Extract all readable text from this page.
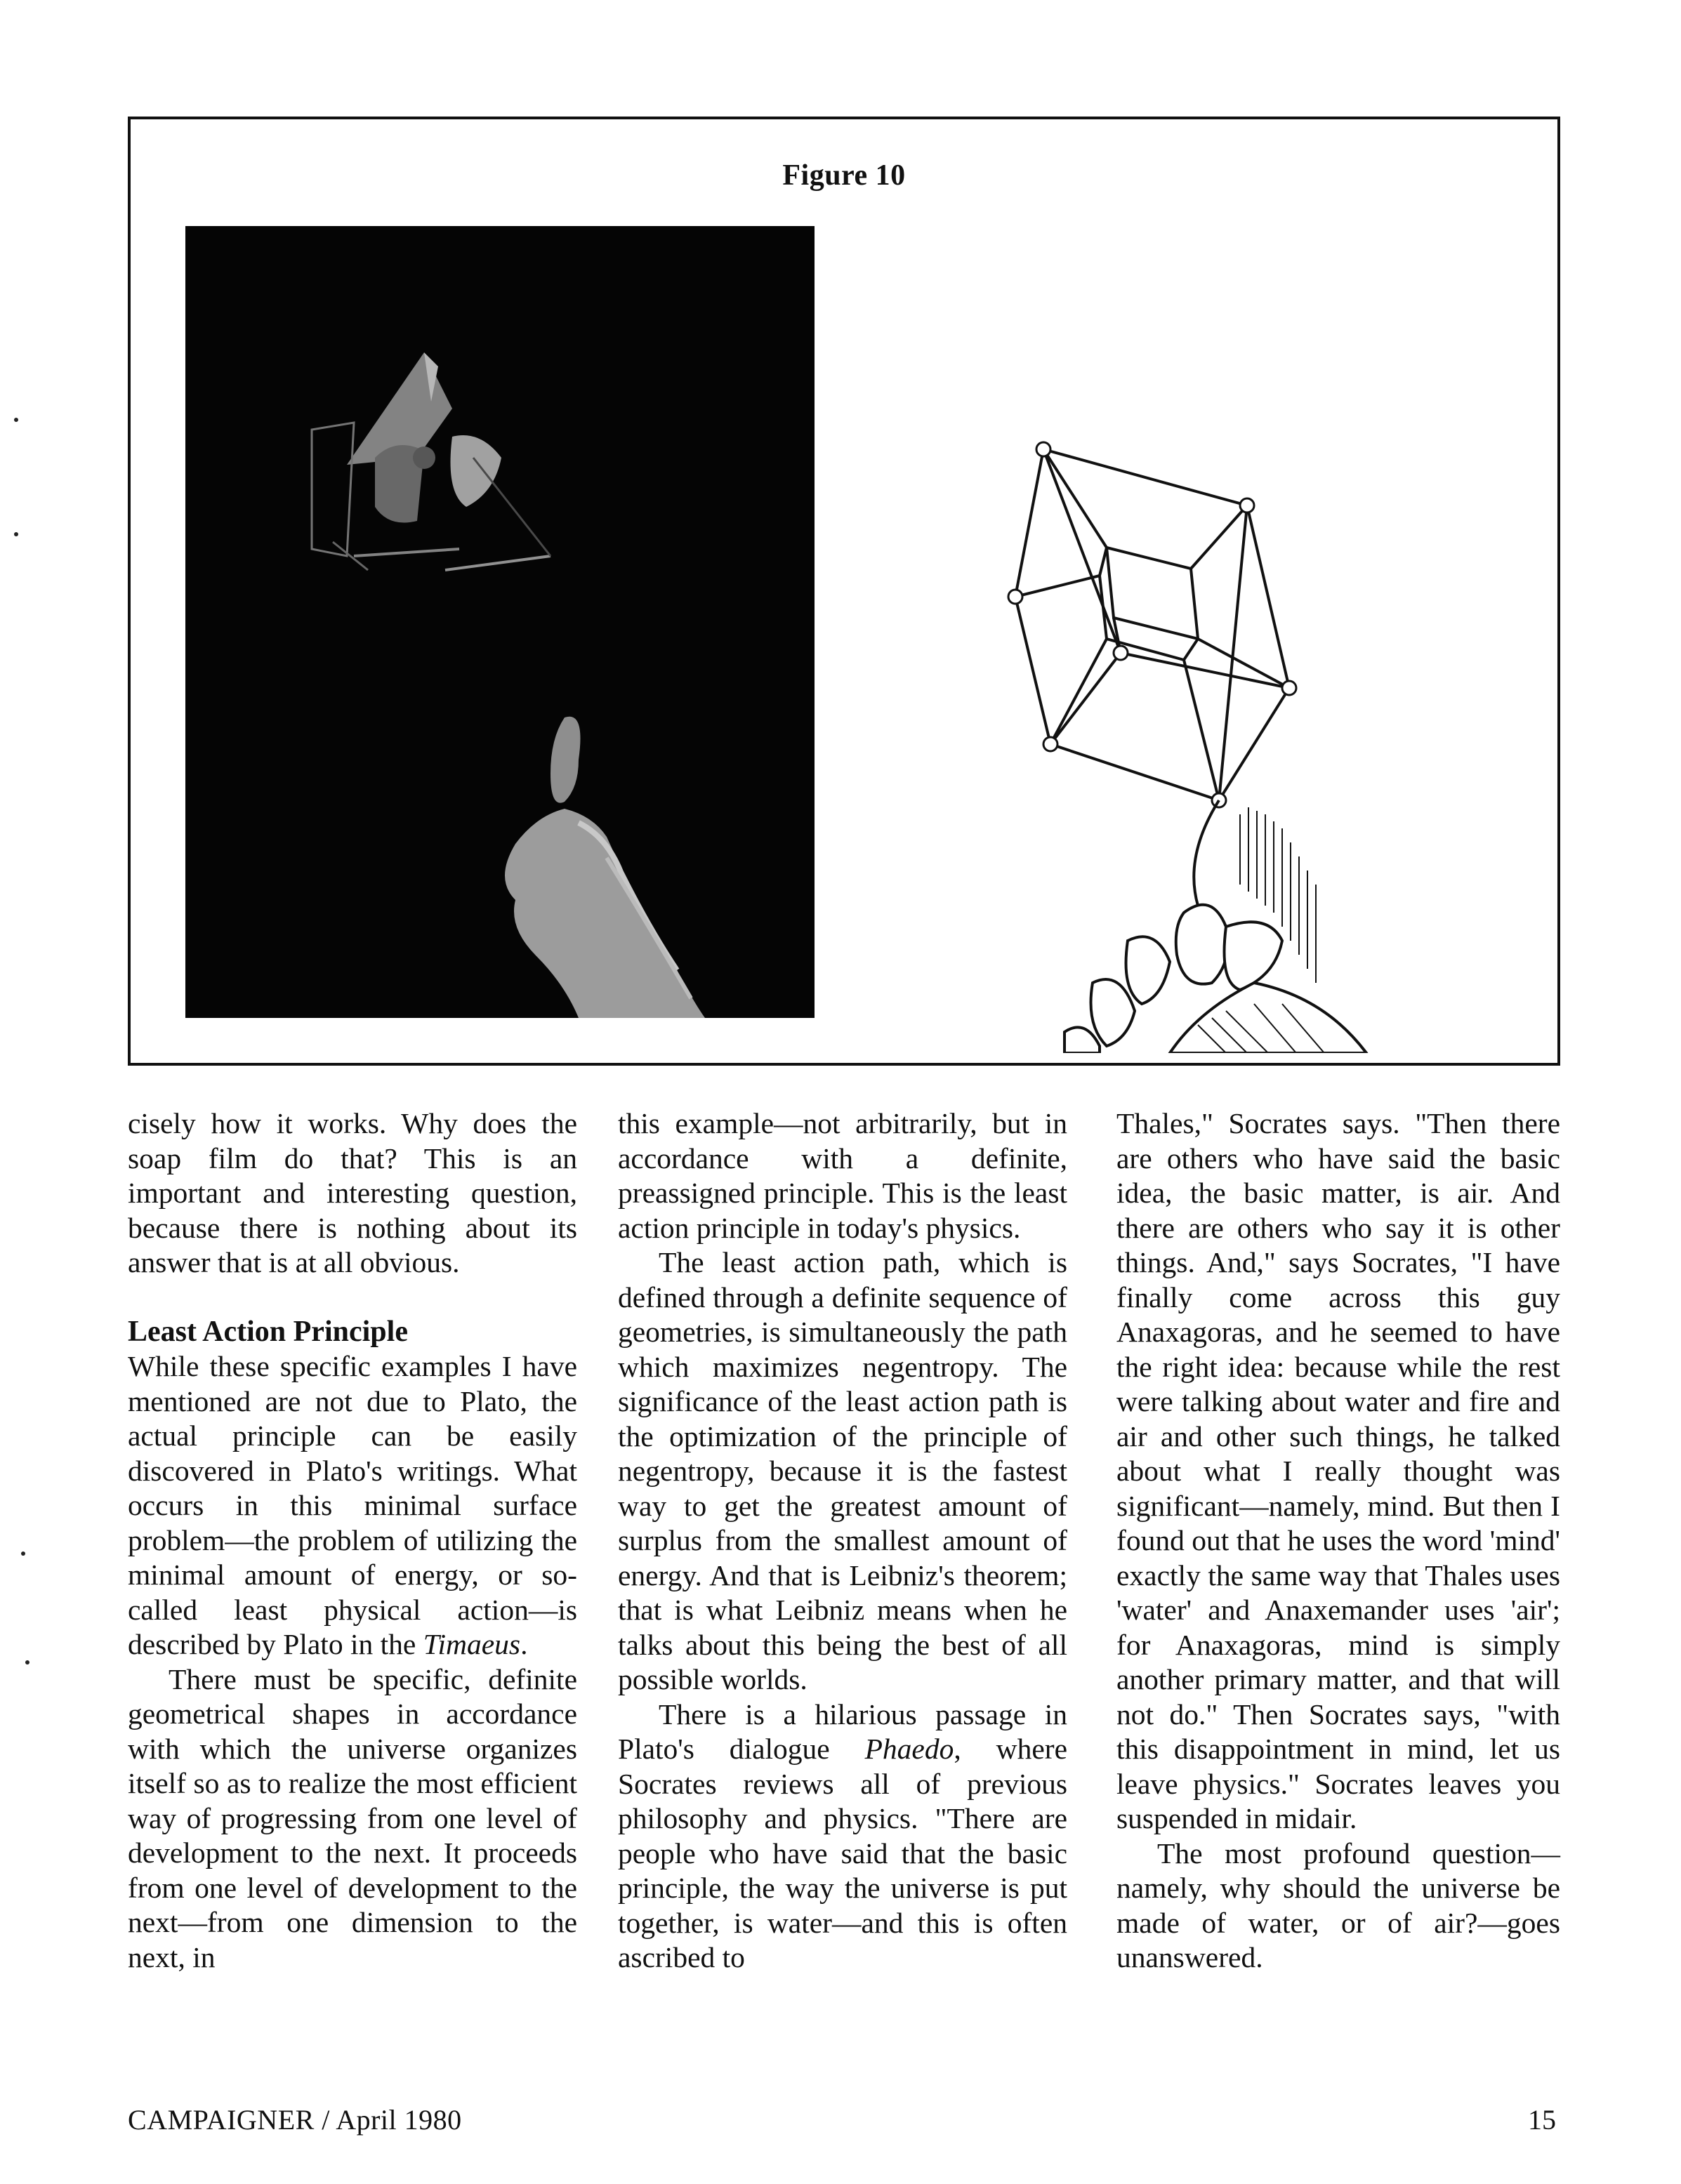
Figure 10

cisely how it works. Why does the soap film do that? This is an important and interesting question, because there is nothing about its answer that is at all obvious.

Least Action Principle

While these specific examples I have mentioned are not due to Plato, the actual principle can be easily discovered in Plato's writings. What occurs in this minimal surface problem—the problem of utilizing the minimal amount of energy, or so-called least physical action—is described by Plato in the Timaeus.

There must be specific, definite geometrical shapes in accordance with which the universe organizes itself so as to realize the most efficient way of progressing from one level of development to the next. It proceeds from one level of development to the next—from one dimension to the next, in

this example—not arbitrarily, but in accordance with a definite, preassigned principle. This is the least action principle in today's physics.

The least action path, which is defined through a definite sequence of geometries, is simultaneously the path which maximizes negentropy. The significance of the least action path is the optimization of the principle of negentropy, because it is the fastest way to get the greatest amount of surplus from the smallest amount of energy. And that is Leibniz's theorem; that is what Leibniz means when he talks about this being the best of all possible worlds.

There is a hilarious passage in Plato's dialogue Phaedo, where Socrates reviews all of previous philosophy and physics. "There are people who have said that the basic principle, the way the universe is put together, is water—and this is often ascribed to

Thales," Socrates says. "Then there are others who have said the basic idea, the basic matter, is air. And there are others who say it is other things. And," says Socrates, "I have finally come across this guy Anaxagoras, and he seemed to have the right idea: because while the rest were talking about water and fire and air and other such things, he talked about what I really thought was significant—namely, mind. But then I found out that he uses the word 'mind' exactly the same way that Thales uses 'water' and Anaxemander uses 'air'; for Anaxagoras, mind is simply another primary matter, and that will not do." Then Socrates says, "with this disappointment in mind, let us leave physics." Socrates leaves you suspended in midair.

The most profound question—namely, why should the universe be made of water, or of air?—goes unanswered.

CAMPAIGNER / April 1980	15
